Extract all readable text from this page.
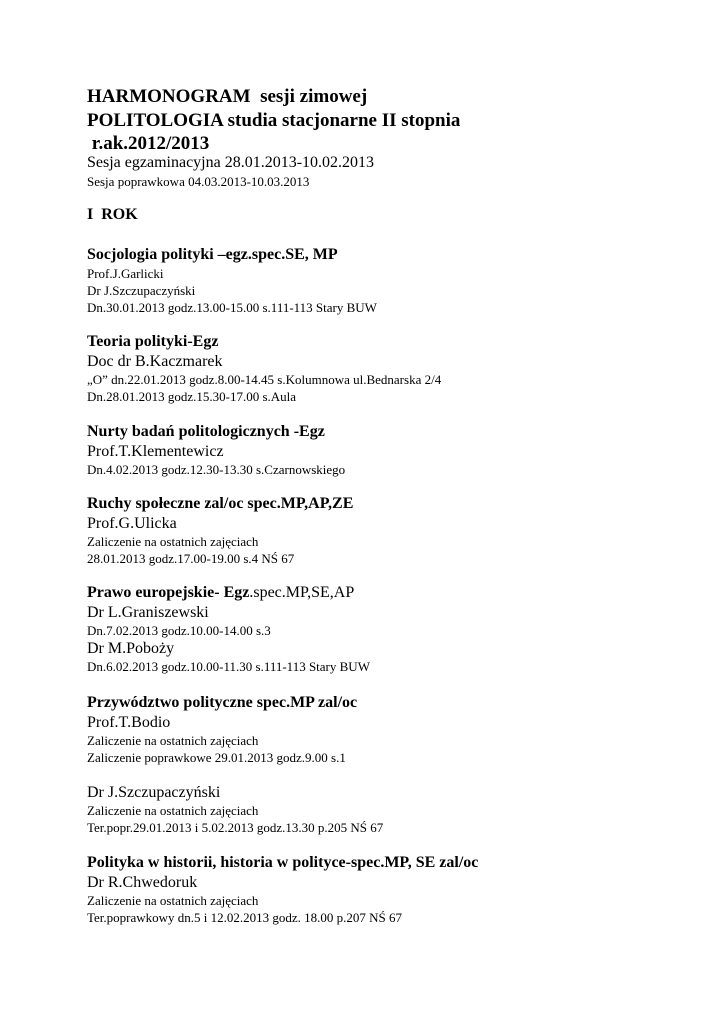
HARMONOGRAM  sesji zimowej
POLITOLOGIA studia stacjonarne II stopnia
r.ak.2012/2013
Sesja egzaminacyjna 28.01.2013-10.02.2013
Sesja poprawkowa 04.03.2013-10.03.2013
I  ROK
Socjologia polityki –egz.spec.SE, MP
Prof.J.Garlicki
Dr J.Szczupaczyński
Dn.30.01.2013 godz.13.00-15.00 s.111-113 Stary BUW
Teoria polityki-Egz
Doc dr B.Kaczmarek
„O” dn.22.01.2013 godz.8.00-14.45 s.Kolumnowa ul.Bednarska 2/4
Dn.28.01.2013 godz.15.30-17.00 s.Aula
Nurty badań politologicznych -Egz
Prof.T.Klementewicz
Dn.4.02.2013 godz.12.30-13.30 s.Czarnowskiego
Ruchy społeczne zal/oc spec.MP,AP,ZE
Prof.G.Ulicka
Zaliczenie na ostatnich zajęciach
28.01.2013 godz.17.00-19.00 s.4 NŚ 67
Prawo europejskie- Egz.spec.MP,SE,AP
Dr L.Graniszewski
Dn.7.02.2013 godz.10.00-14.00 s.3
Dr M.Poboży
Dn.6.02.2013 godz.10.00-11.30 s.111-113 Stary BUW
Przywództwo polityczne spec.MP zal/oc
Prof.T.Bodio
Zaliczenie na ostatnich zajęciach
Zaliczenie poprawkowe 29.01.2013 godz.9.00 s.1
Dr J.Szczupaczyński
Zaliczenie na ostatnich zajęciach
Ter.popr.29.01.2013 i 5.02.2013 godz.13.30 p.205 NŚ 67
Polityka w historii, historia w polityce-spec.MP, SE zal/oc
Dr R.Chwedoruk
Zaliczenie na ostatnich zajęciach
Ter.poprawkowy dn.5 i 12.02.2013 godz. 18.00 p.207 NŚ 67
